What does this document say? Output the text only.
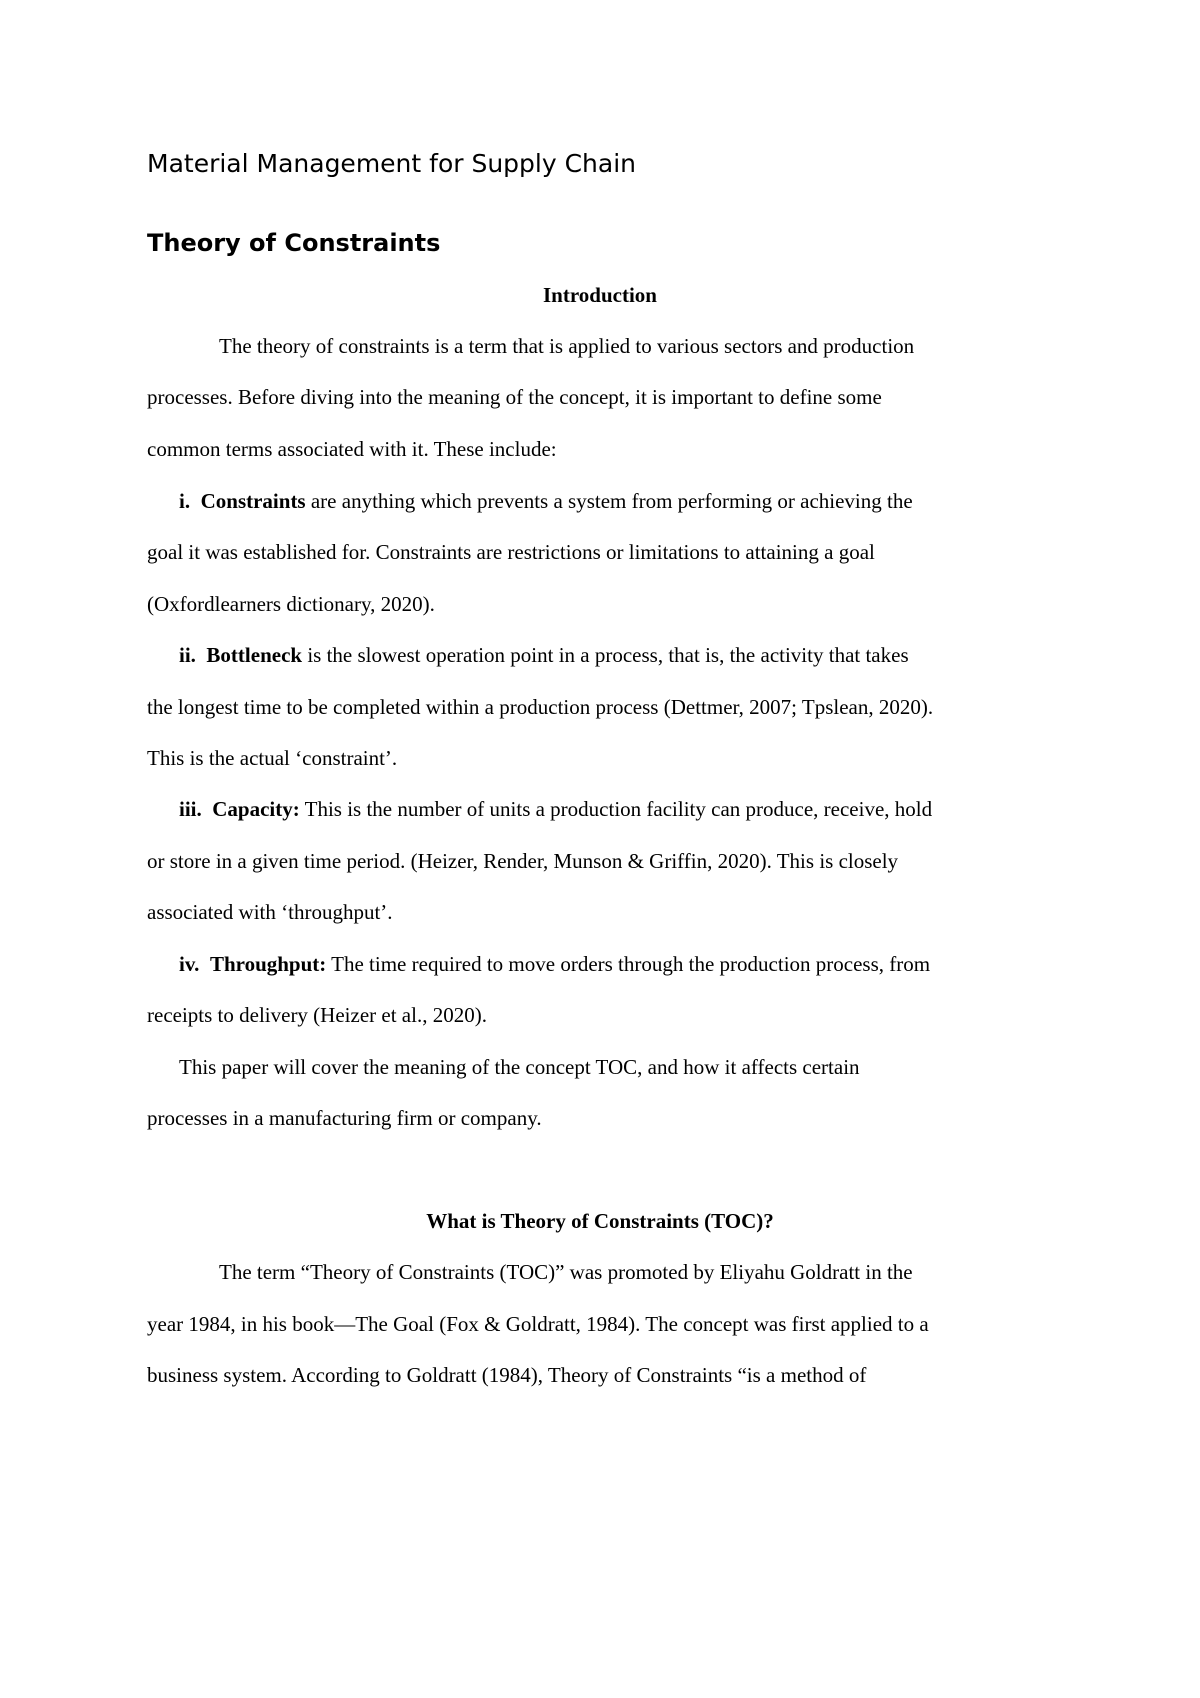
Material Management for Supply Chain
Theory of Constraints
Introduction
The theory of constraints is a term that is applied to various sectors and production
processes. Before diving into the meaning of the concept, it is important to define some
common terms associated with it. These include:
i. Constraints are anything which prevents a system from performing or achieving the
goal it was established for. Constraints are restrictions or limitations to attaining a goal
(Oxfordlearners dictionary, 2020).
ii. Bottleneck is the slowest operation point in a process, that is, the activity that takes
the longest time to be completed within a production process (Dettmer, 2007; Tpslean, 2020).
This is the actual ‘constraint’.
iii. Capacity: This is the number of units a production facility can produce, receive, hold
or store in a given time period. (Heizer, Render, Munson & Griffin, 2020). This is closely
associated with ‘throughput’.
iv. Throughput: The time required to move orders through the production process, from
receipts to delivery (Heizer et al., 2020).
This paper will cover the meaning of the concept TOC, and how it affects certain
processes in a manufacturing firm or company.
What is Theory of Constraints (TOC)?
The term “Theory of Constraints (TOC)” was promoted by Eliyahu Goldratt in the
year 1984, in his book—The Goal (Fox & Goldratt, 1984). The concept was first applied to a
business system. According to Goldratt (1984), Theory of Constraints “is a method of
